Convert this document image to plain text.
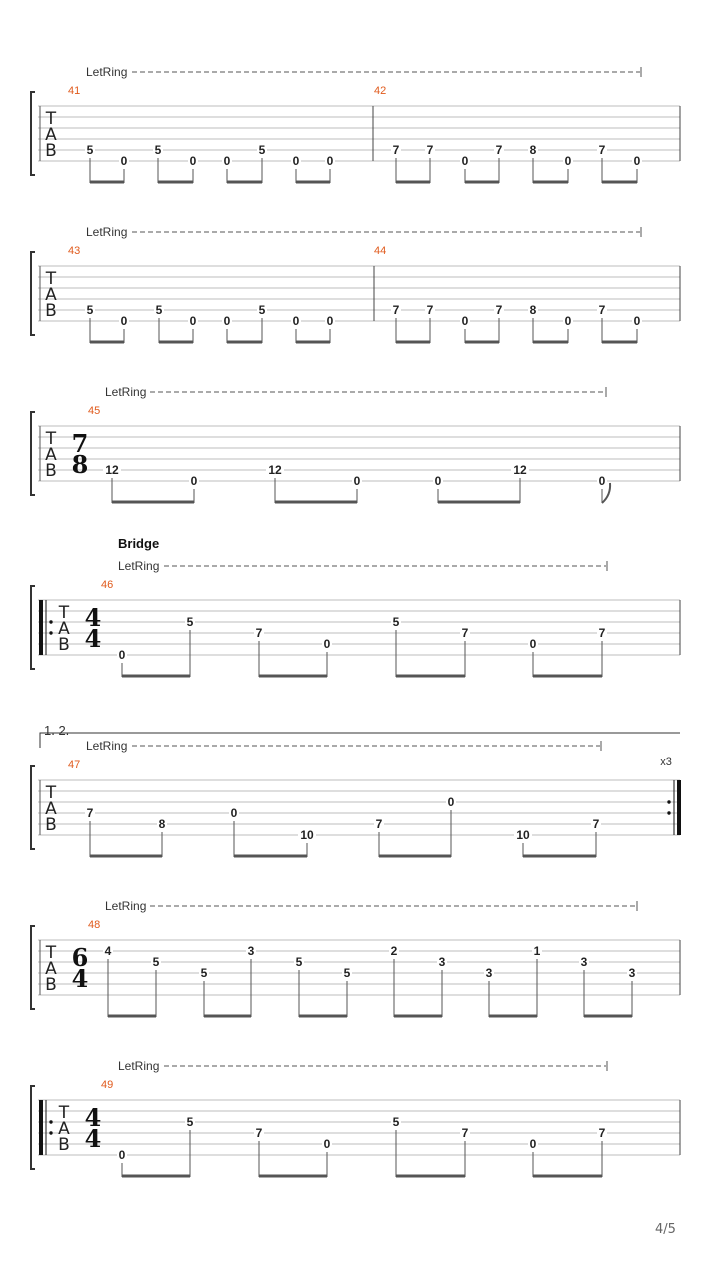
T
A
B
LetRing
41
5
0
5
0 0
5
0 0
42
7 7
0
7 8
0
7
0
T
A
B
LetRing
43
5
0
5
0 0
5
0 0
44
7 7
0
7 8
0
7
0
T
A
B
7
8
LetRing
45
12
0
12
0	0
12
0
T
A
B
4
4
Bridge
LetRing
46
0
5
7
0
5
7
0
7
T
A
B
x3
1. 2.
LetRing
47
7
8
0
10
7
0
10
7
T
A
B
6
4
LetRing
48
4
5
5
3
5
5
2
3
3
1
3
3
T
A
B
4
4
LetRing
49
0
5
7
0
5
7
0
7
4/5
